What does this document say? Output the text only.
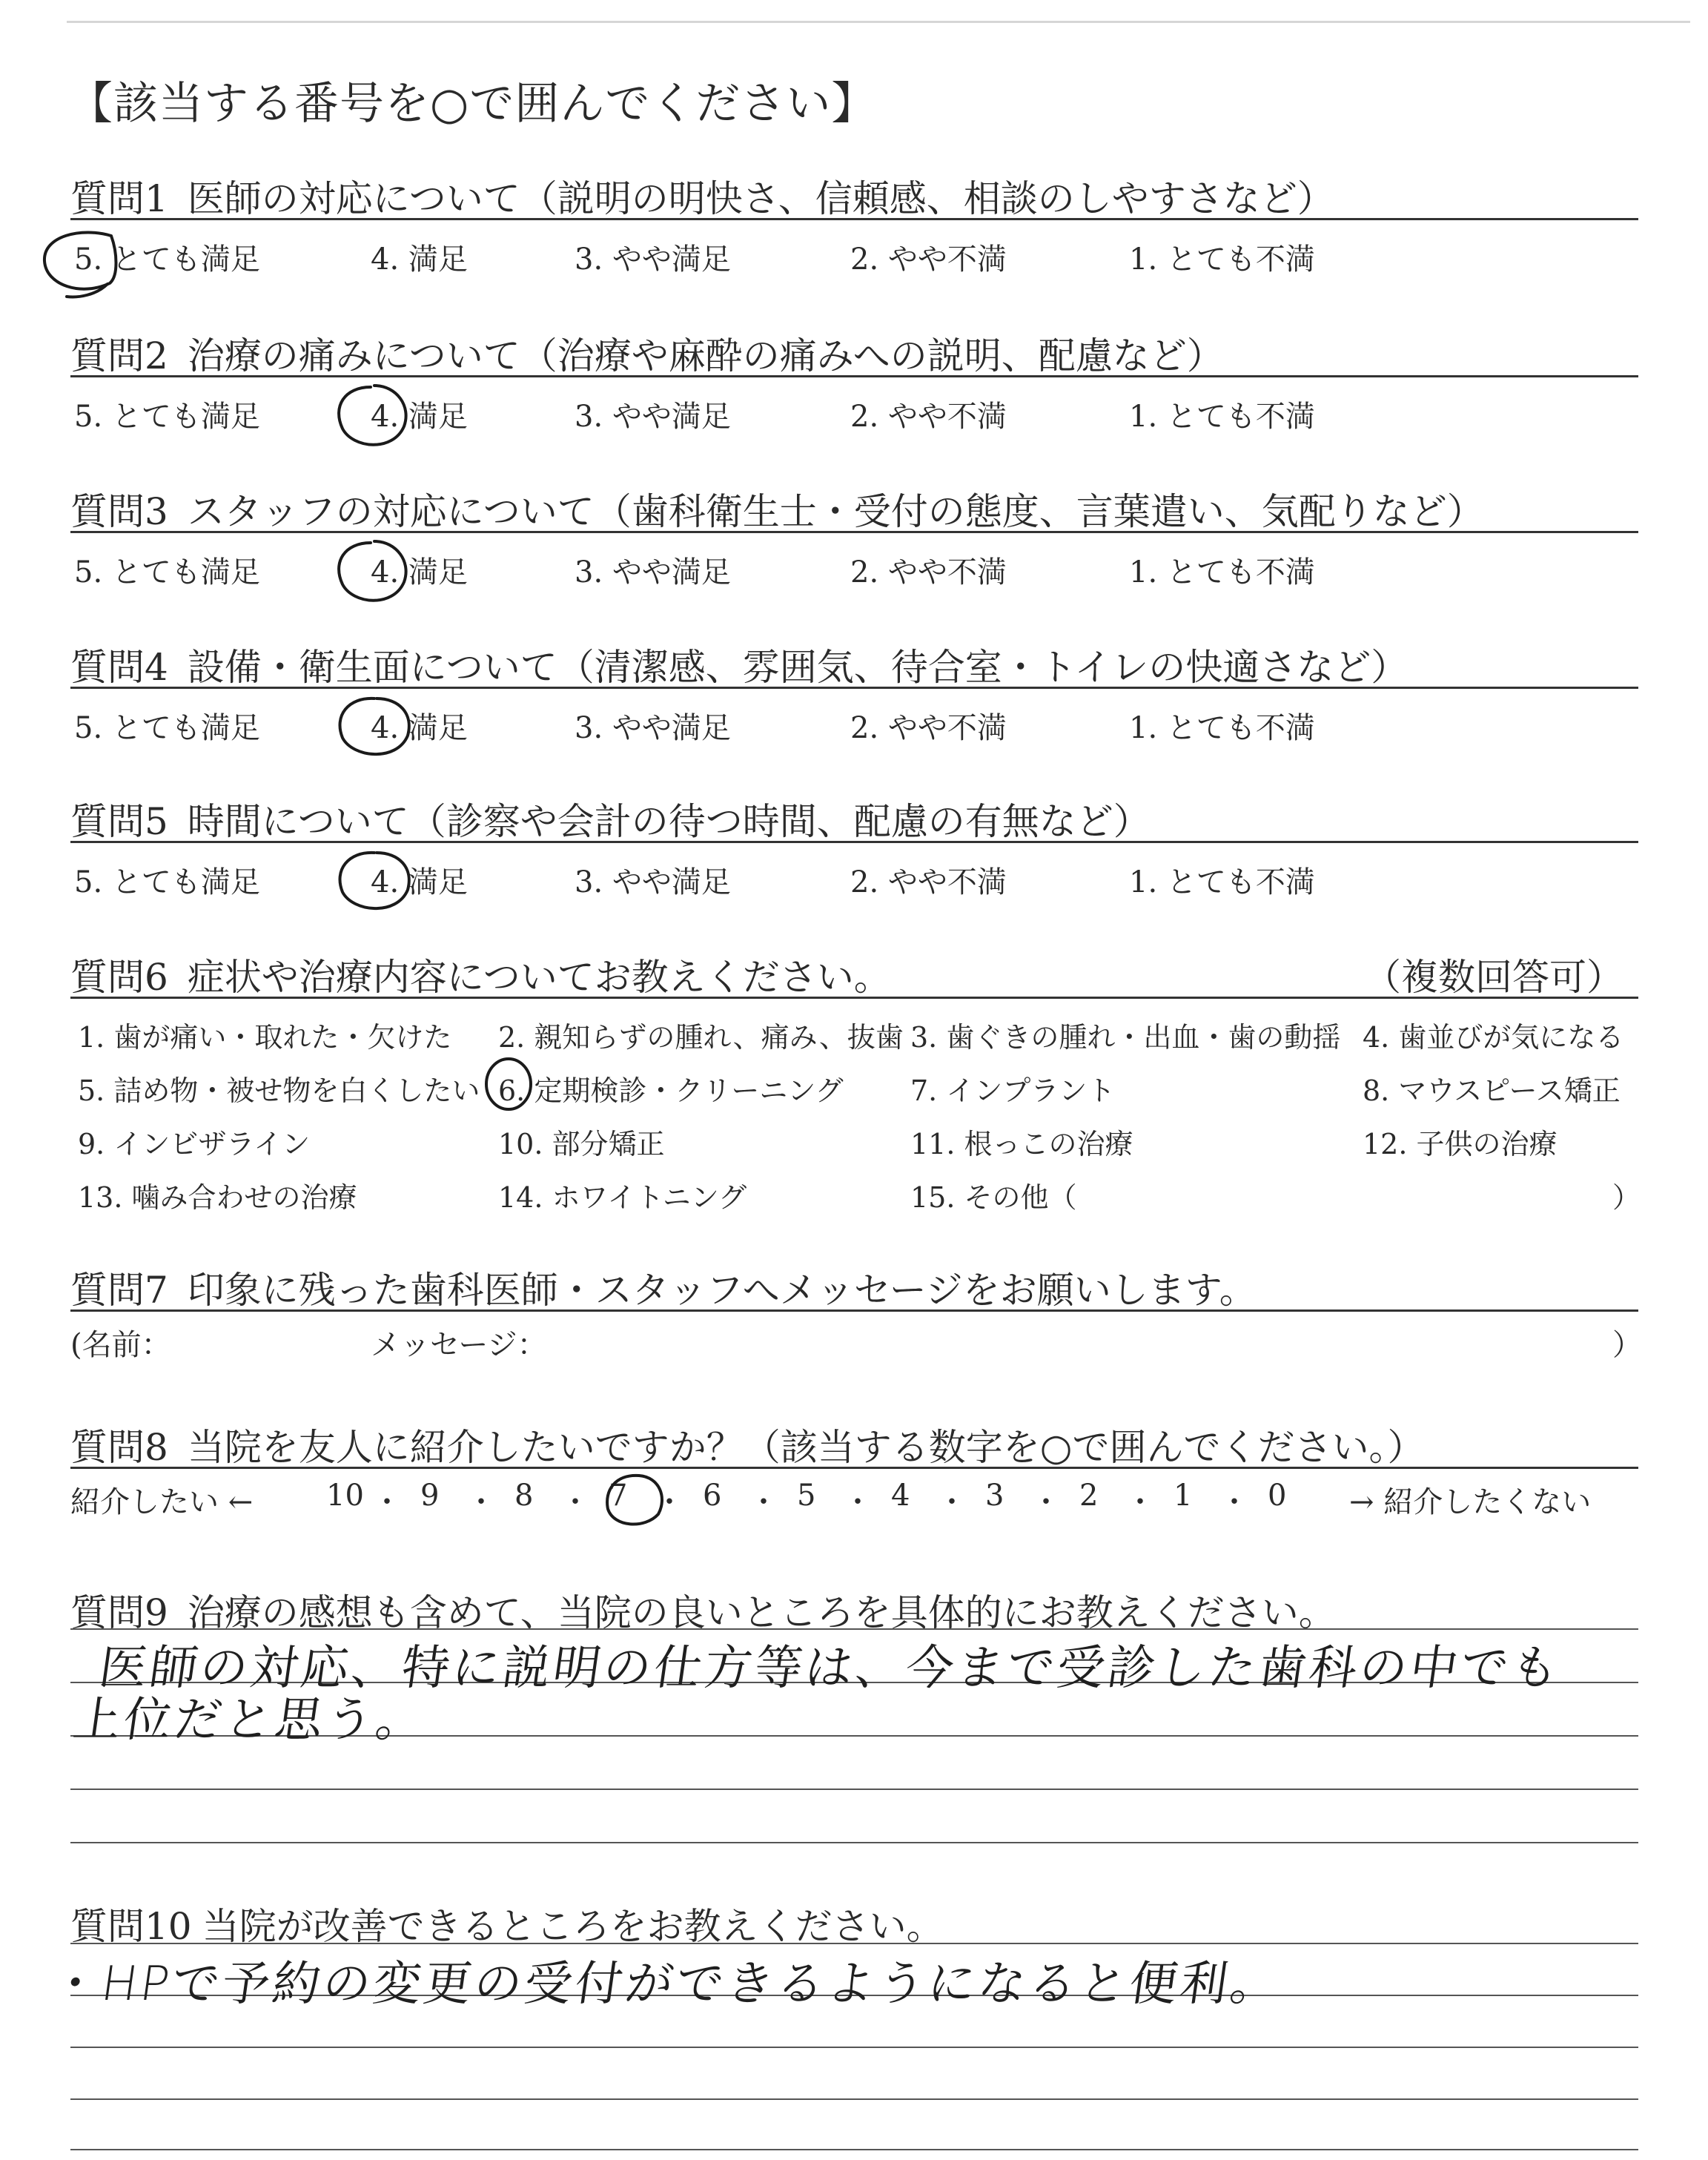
【該当する番号を○で囲んでください】
質問1 医師の対応について（説明の明快さ、信頼感、相談のしやすさなど）
5. とても満足	4. 満足	3. やや満足	2. やや不満	1. とても不満
質問2 治療の痛みについて（治療や麻酔の痛みへの説明、配慮など）
5. とても満足	4. 満足	3. やや満足	2. やや不満	1. とても不満
質問3 スタッフの対応について（歯科衛生士・受付の態度、言葉遣い、気配りなど）
5. とても満足	4. 満足	3. やや満足	2. やや不満	1. とても不満
質問4 設備・衛生面について（清潔感、雰囲気、待合室・トイレの快適さなど）
5. とても満足	4. 満足	3. やや満足	2. やや不満	1. とても不満
質問5 時間について（診察や会計の待つ時間、配慮の有無など）
5. とても満足	4. 満足	3. やや満足	2. やや不満	1. とても不満
質問6 症状や治療内容についてお教えください。	（複数回答可）
1. 歯が痛い・取れた・欠けた 2. 親知らずの腫れ、痛み、抜歯 3. 歯ぐきの腫れ・出血・歯の動揺 4. 歯並びが気になる
5. 詰め物・被せ物を白くしたい 6. 定期検診・クリーニング 7. インプラント	8. マウスピース矯正
9. インビザライン	10. 部分矯正	11. 根っこの治療	12. 子供の治療
13. 噛み合わせの治療	14. ホワイトニング	15. その他（	）
質問7 印象に残った歯科医師・スタッフへメッセージをお願いします。
(名前：	メッセージ：	）
質問8 当院を友人に紹介したいですか？（該当する数字を○で囲んでください。）
紹介したい ←	→ 紹介したくない
10 ・ 9 ・ 8 ・ 7 ・ 6 ・ 5 ・ 4 ・ 3 ・ 2 ・ 1 ・ 0
質問9 治療の感想も含めて、当院の良いところを具体的にお教えください。
医師の対応、特に説明の仕方等は、今まで受診した歯科の中でも
上位だと思う。
質問10 当院が改善できるところをお教えください。
・HPで予約の変更の受付ができるようになると便利。
